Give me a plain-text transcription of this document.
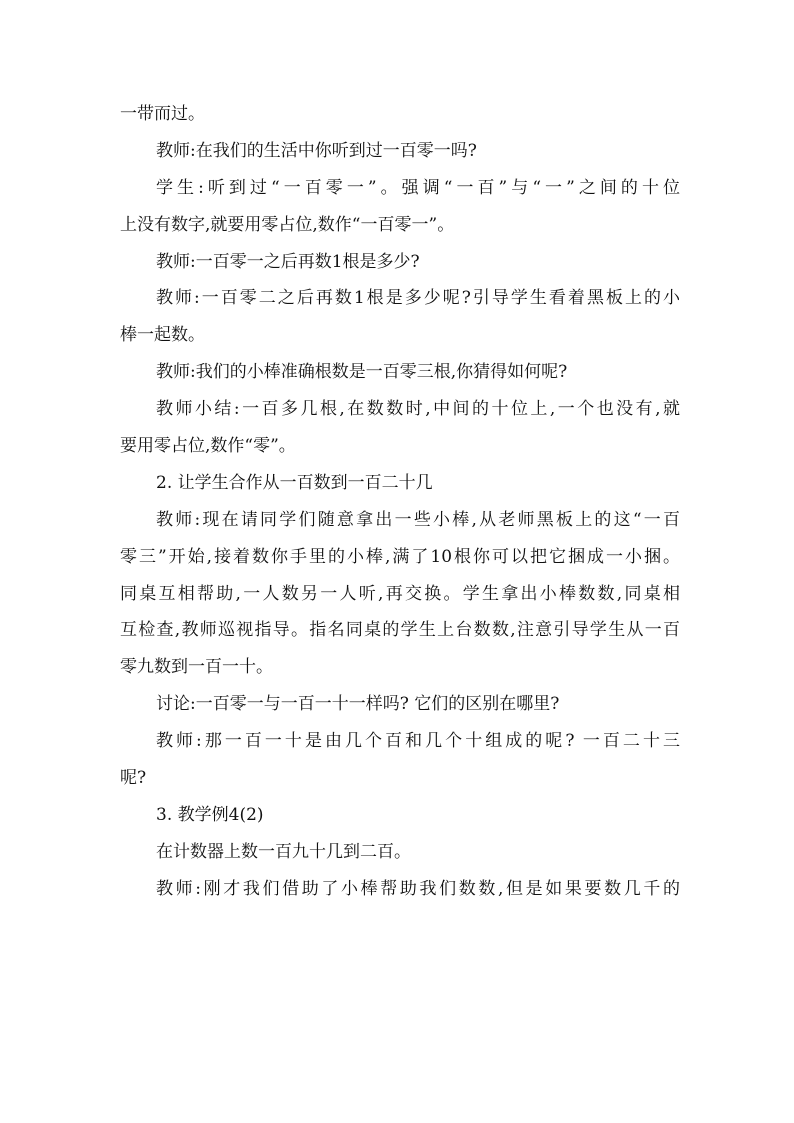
一带而过。
教师:在我们的生活中你听到过一百零一吗?
学生:听到过“一百零一”。强调“一百”与“一”之间的十位
上没有数字,就要用零占位,数作“一百零一”。
教师:一百零一之后再数1根是多少?
教师:一百零二之后再数1根是多少呢?引导学生看着黑板上的小
棒一起数。
教师:我们的小棒准确根数是一百零三根,你猜得如何呢?
教师小结:一百多几根,在数数时,中间的十位上,一个也没有,就
要用零占位,数作“零”。
2. 让学生合作从一百数到一百二十几
教师:现在请同学们随意拿出一些小棒,从老师黑板上的这“一百
零三”开始,接着数你手里的小棒,满了10根你可以把它捆成一小捆。
同桌互相帮助,一人数另一人听,再交换。学生拿出小棒数数,同桌相
互检查,教师巡视指导。指名同桌的学生上台数数,注意引导学生从一百
零九数到一百一十。
讨论:一百零一与一百一十一样吗? 它们的区别在哪里?
教师:那一百一十是由几个百和几个十组成的呢? 一百二十三
呢?
3. 教学例4(2)
在计数器上数一百九十几到二百。
教师:刚才我们借助了小棒帮助我们数数,但是如果要数几千的
